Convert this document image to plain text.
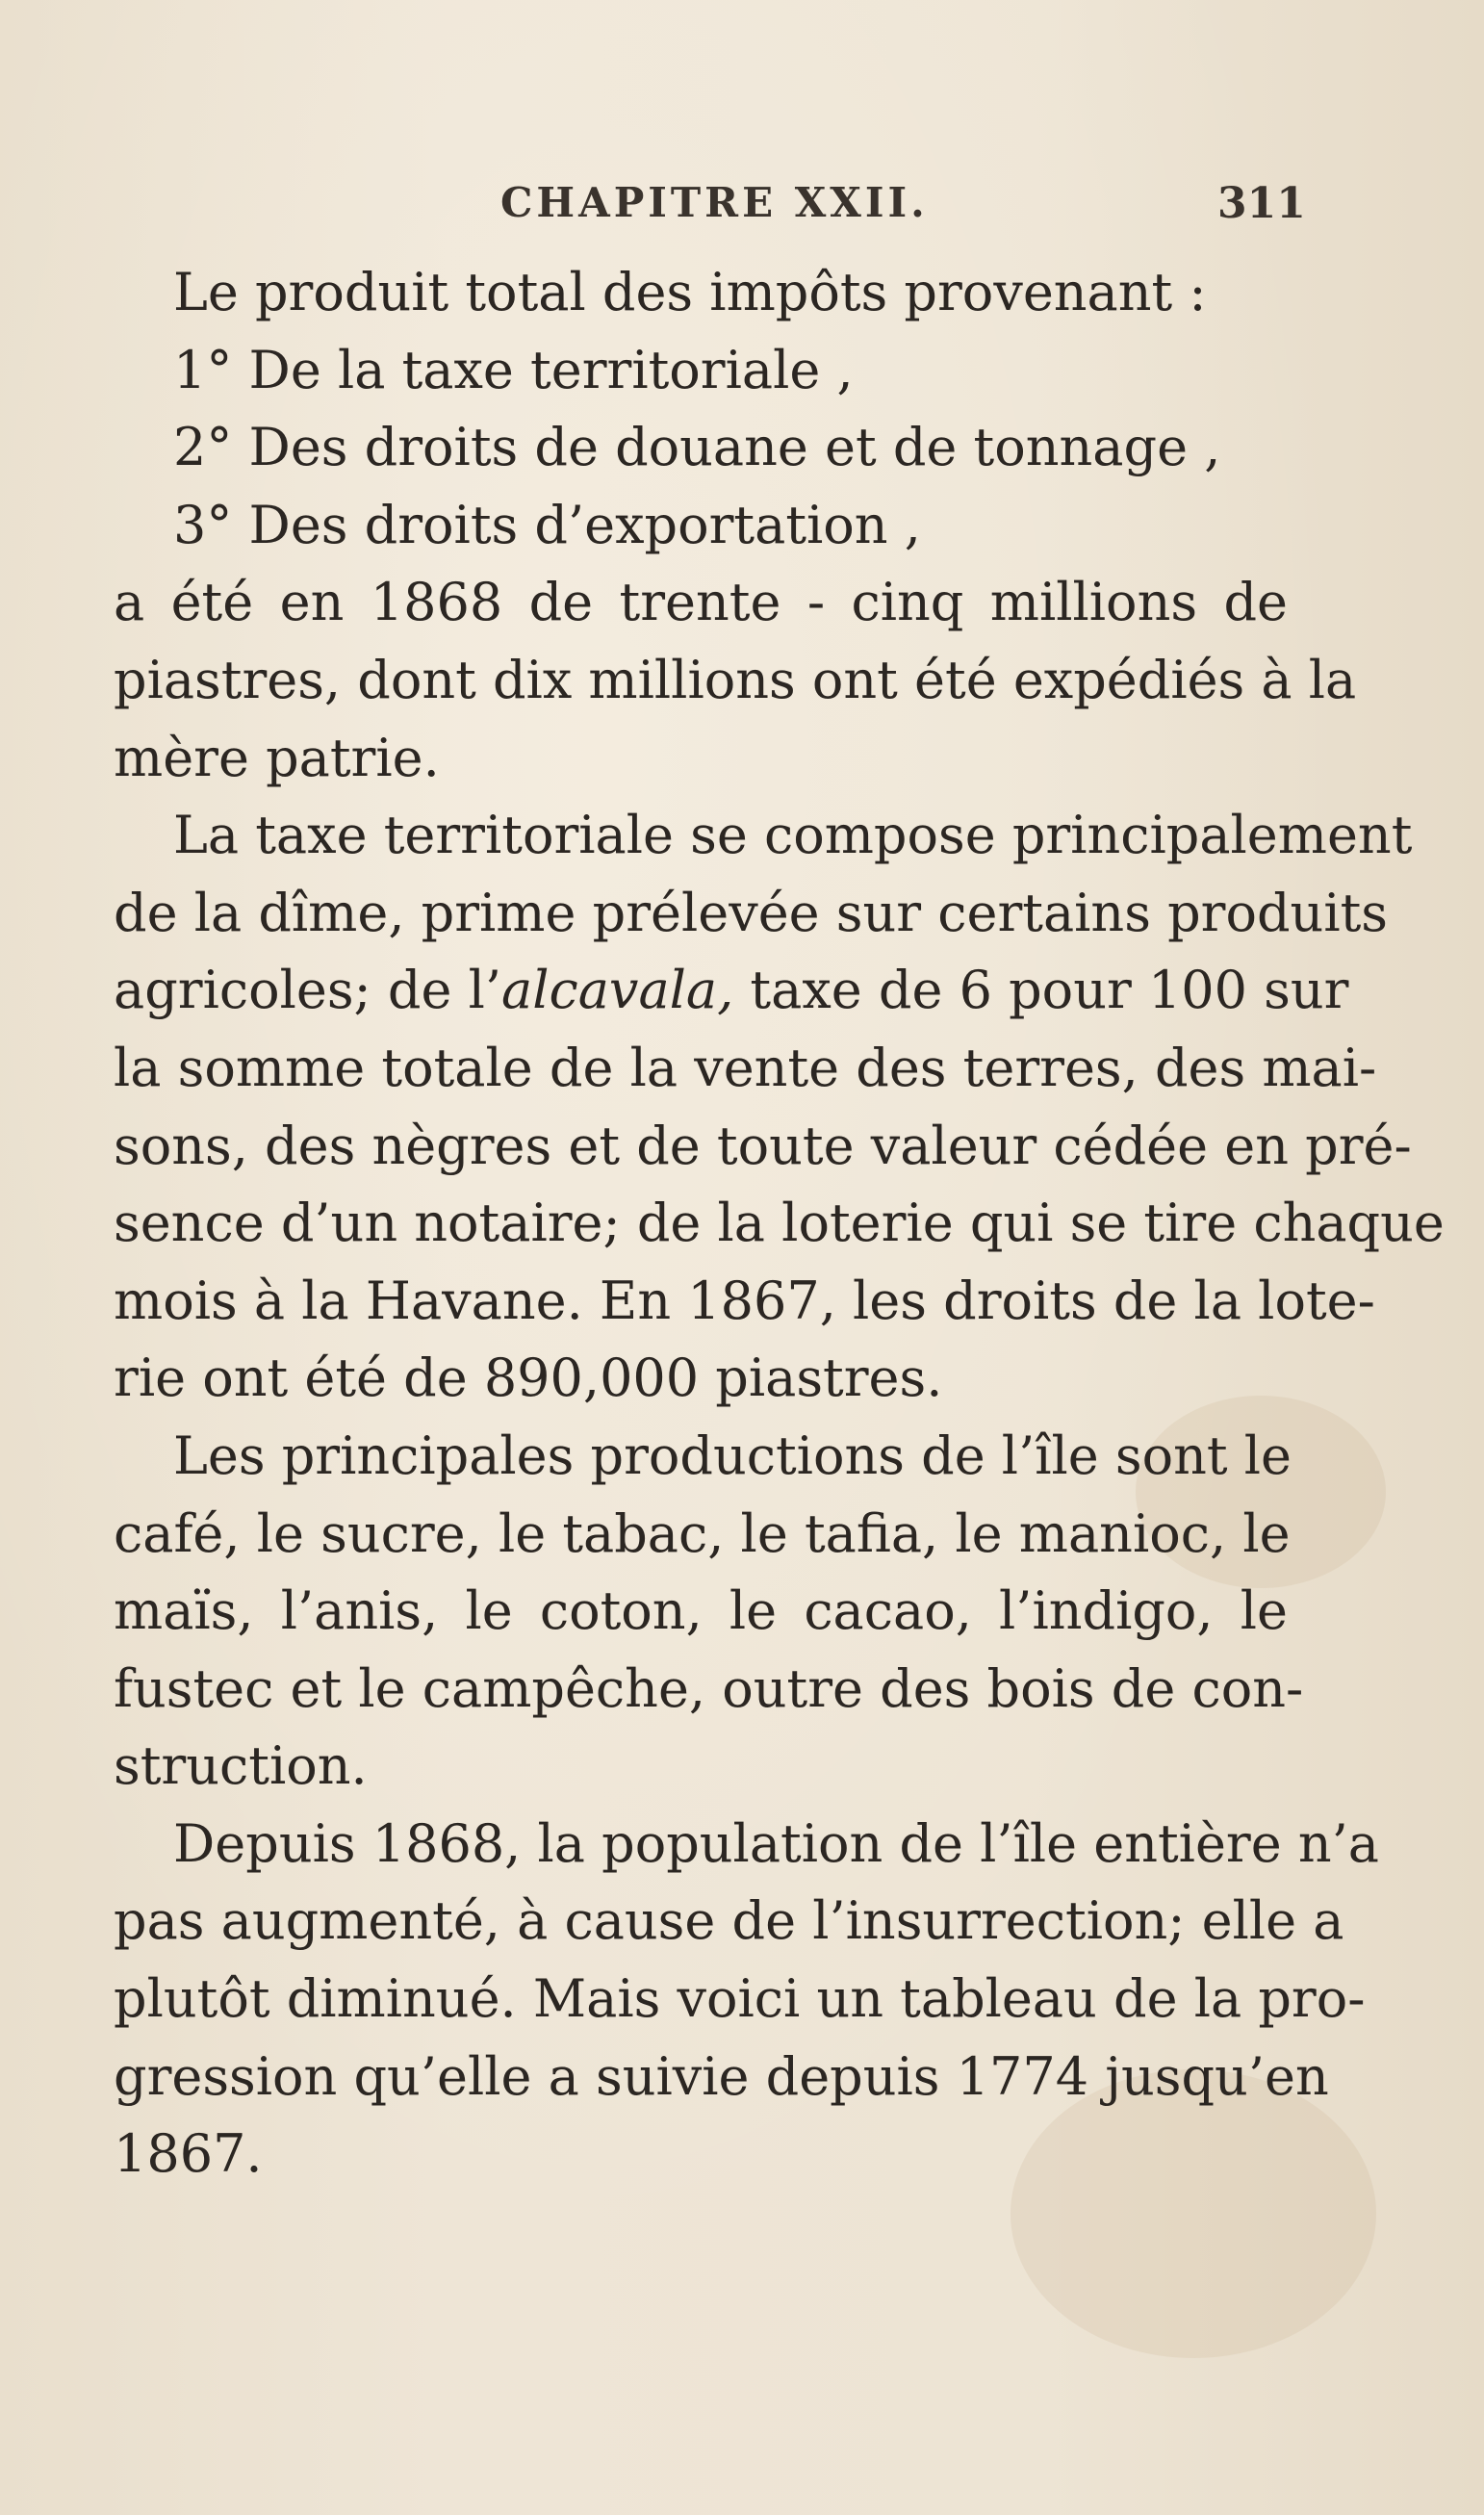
CHAPITRE XXII.	311
Le produit total des impôts provenant :
1° De la taxe territoriale ,
2° Des droits de douane et de tonnage ,
3° Des droits d’exportation ,
a été en 1868 de trente - cinq millions de
piastres, dont dix millions ont été expédiés à la
mère patrie.
La taxe territoriale se compose principalement
de la dîme, prime prélevée sur certains produits
agricoles; de l’alcavala, taxe de 6 pour 100 sur
la somme totale de la vente des terres, des mai-
sons, des nègres et de toute valeur cédée en pré-
sence d’un notaire; de la loterie qui se tire chaque
mois à la Havane. En 1867, les droits de la lote-
rie ont été de 890,000 piastres.
Les principales productions de l’île sont le
café, le sucre, le tabac, le tafia, le manioc, le
maïs, l’anis, le coton, le cacao, l’indigo, le
fustec et le campêche, outre des bois de con-
struction.
Depuis 1868, la population de l’île entière n’a
pas augmenté, à cause de l’insurrection; elle a
plutôt diminué. Mais voici un tableau de la pro-
gression qu’elle a suivie depuis 1774 jusqu’en
1867.
